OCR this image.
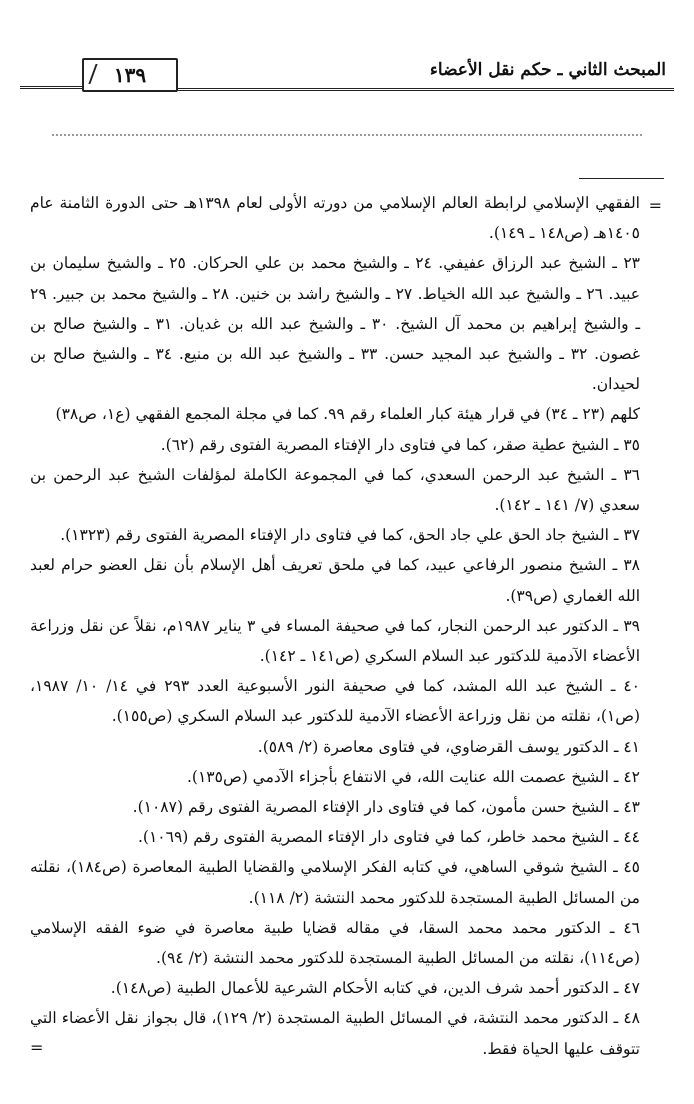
المبحث الثاني ـ حكم نقل الأعضاء
١٣٩
=

الفقهي الإسلامي لرابطة العالم الإسلامي من دورته الأولى لعام ١٣٩٨هـ حتى الدورة الثامنة عام ١٤٠٥هـ (ص١٤٨ ـ ١٤٩).

٢٣ ـ الشيخ عبد الرزاق عفيفي. ٢٤ ـ والشيخ محمد بن علي الحركان. ٢٥ ـ والشيخ سليمان بن عبيد. ٢٦ ـ والشيخ عبد الله الخياط. ٢٧ ـ والشيخ راشد بن خنين. ٢٨ ـ والشيخ محمد بن جبير. ٢٩ ـ والشيخ إبراهيم بن محمد آل الشيخ. ٣٠ ـ والشيخ عبد الله بن غديان. ٣١ ـ والشيخ صالح بن غصون. ٣٢ ـ والشيخ عبد المجيد حسن. ٣٣ ـ والشيخ عبد الله بن منيع. ٣٤ ـ والشيخ صالح بن لحيدان.

كلهم (٢٣ ـ ٣٤) في قرار هيئة كبار العلماء رقم ٩٩. كما في مجلة المجمع الفقهي (ع١، ص٣٨)

٣٥ ـ الشيخ عطية صقر، كما في فتاوى دار الإفتاء المصرية الفتوى رقم (٦٢).

٣٦ ـ الشيخ عبد الرحمن السعدي، كما في المجموعة الكاملة لمؤلفات الشيخ عبد الرحمن بن سعدي (٧/ ١٤١ ـ ١٤٢).

٣٧ ـ الشيخ جاد الحق علي جاد الحق، كما في فتاوى دار الإفتاء المصرية الفتوى رقم (١٣٢٣).

٣٨ ـ الشيخ منصور الرفاعي عبيد، كما في ملحق تعريف أهل الإسلام بأن نقل العضو حرام لعبد الله الغماري (ص٣٩).

٣٩ ـ الدكتور عبد الرحمن النجار، كما في صحيفة المساء في ٣ يناير ١٩٨٧م، نقلاً عن نقل وزراعة الأعضاء الآدمية للدكتور عبد السلام السكري (ص١٤١ ـ ١٤٢).

٤٠ ـ الشيخ عبد الله المشد، كما في صحيفة النور الأسبوعية العدد ٢٩٣ في ١٤/ ١٠/ ١٩٨٧، (ص١)، نقلته من نقل وزراعة الأعضاء الآدمية للدكتور عبد السلام السكري (ص١٥٥).

٤١ ـ الدكتور يوسف القرضاوي، في فتاوى معاصرة (٢/ ٥٨٩).

٤٢ ـ الشيخ عصمت الله عنايت الله، في الانتفاع بأجزاء الآدمي (ص١٣٥).

٤٣ ـ الشيخ حسن مأمون، كما في فتاوى دار الإفتاء المصرية الفتوى رقم (١٠٨٧).

٤٤ ـ الشيخ محمد خاطر، كما في فتاوى دار الإفتاء المصرية الفتوى رقم (١٠٦٩).

٤٥ ـ الشيخ شوقي الساهي، في كتابه الفكر الإسلامي والقضايا الطبية المعاصرة (ص١٨٤)، نقلته من المسائل الطبية المستجدة للدكتور محمد النتشة (٢/ ١١٨).

٤٦ ـ الدكتور محمد محمد السقا، في مقاله قضايا طبية معاصرة في ضوء الفقه الإسلامي (ص١١٤)، نقلته من المسائل الطبية المستجدة للدكتور محمد النتشة (٢/ ٩٤).

٤٧ ـ الدكتور أحمد شرف الدين، في كتابه الأحكام الشرعية للأعمال الطبية (ص١٤٨).

٤٨ ـ الدكتور محمد النتشة، في المسائل الطبية المستجدة (٢/ ١٢٩)، قال بجواز نقل الأعضاء التي تتوقف عليها الحياة فقط.

=
